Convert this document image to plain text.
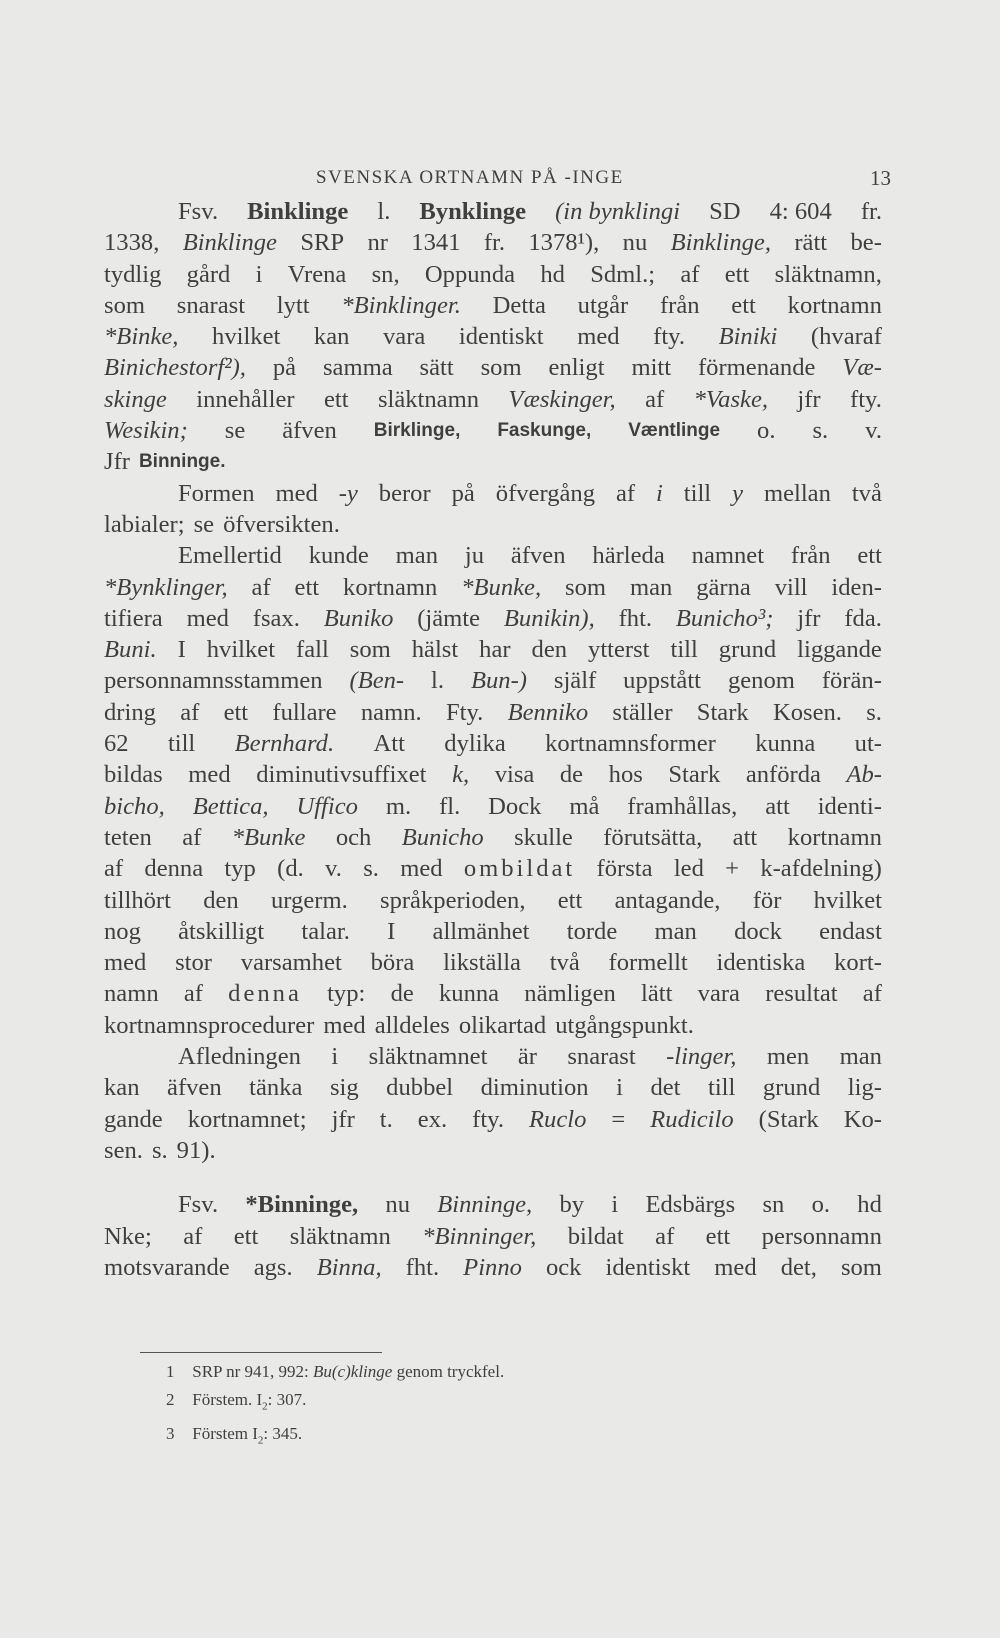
SVENSKA ORTNAMN PÅ -INGE	13
Fsv. Binklinge l. Bynklinge (in bynklingi SD 4: 604 fr.
1338, Binklinge SRP nr 1341 fr. 1378¹), nu Binklinge, rätt be-
tydlig gård i Vrena sn, Oppunda hd Sdml.; af ett släktnamn,
som snarast lytt *Binklinger. Detta utgår från ett kortnamn
*Binke, hvilket kan vara identiskt med fty. Biniki (hvaraf
Binichestorf²), på samma sätt som enligt mitt förmenande Væ-
skinge innehåller ett släktnamn Væskinger, af *Vaske, jfr fty.
Wesikin; se äfven Birklinge, Faskunge, Væntlinge o. s. v.
Jfr Binninge.
Formen med -y beror på öfvergång af i till y mellan två
labialer; se öfversikten.
Emellertid kunde man ju äfven härleda namnet från ett
*Bynklinger, af ett kortnamn *Bunke, som man gärna vill iden-
tifiera med fsax. Buniko (jämte Bunikin), fht. Bunicho³; jfr fda.
Buni. I hvilket fall som hälst har den ytterst till grund liggande
personnamnsstammen (Ben- l. Bun-) själf uppstått genom förän-
dring af ett fullare namn. Fty. Benniko ställer Stark Kosen. s.
62 till Bernhard. Att dylika kortnamnsformer kunna ut-
bildas med diminutivsuffixet k, visa de hos Stark anförda Ab-
bicho, Bettica, Uffico m. fl. Dock må framhållas, att identi-
teten af *Bunke och Bunicho skulle förutsätta, att kortnamn
af denna typ (d. v. s. med ombildat första led + k-afdelning)
tillhört den urgerm. språkperioden, ett antagande, för hvilket
nog åtskilligt talar. I allmänhet torde man dock endast
med stor varsamhet böra likställa två formellt identiska kort-
namn af denna typ: de kunna nämligen lätt vara resultat af
kortnamnsprocedurer med alldeles olikartad utgångspunkt.
Afledningen i släktnamnet är snarast -linger, men man
kan äfven tänka sig dubbel diminution i det till grund lig-
gande kortnamnet; jfr t. ex. fty. Ruclo = Rudicilo (Stark Ko-
sen. s. 91).
Fsv. *Binninge, nu Binninge, by i Edsbärgs sn o. hd
Nke; af ett släktnamn *Binninger, bildat af ett personnamn
motsvarande ags. Binna, fht. Pinno ock identiskt med det, som
1 SRP nr 941, 992: Bu(c)klinge genom tryckfel.
2 Förstem. $I_2$: 307.
3 Förstem $I_2$: 345.
